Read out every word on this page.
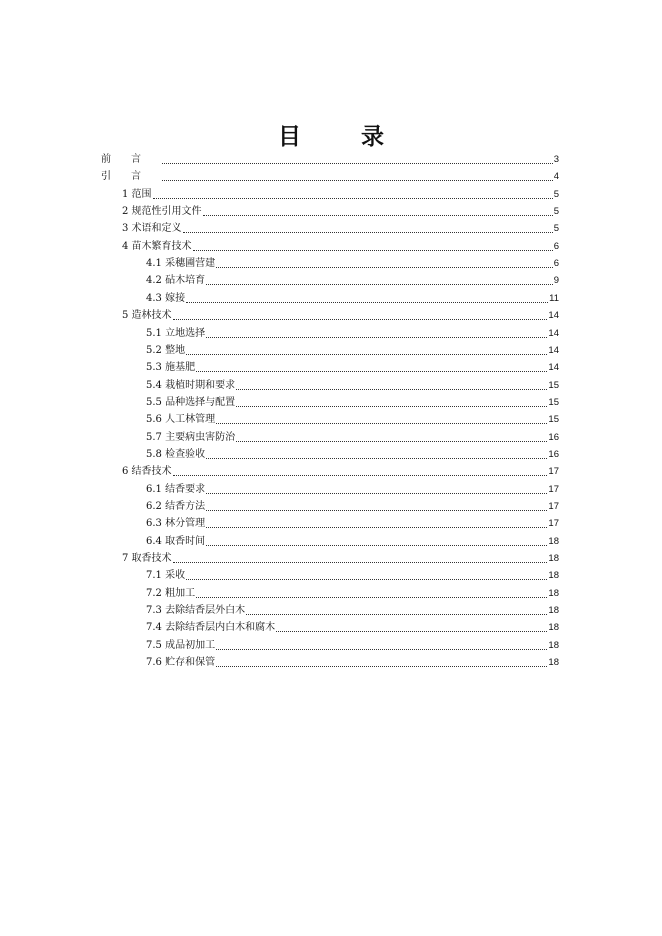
目 录
前言	3
引言	4
1 范围	5
2 规范性引用文件	5
3 术语和定义	5
4 苗木繁育技术	6
4.1 采穗圃营建	6
4.2 砧木培育	9
4.3 嫁接	11
5 造林技术	14
5.1 立地选择	14
5.2 整地	14
5.3 施基肥	14
5.4 栽植时期和要求	15
5.5 品种选择与配置	15
5.6 人工林管理	15
5.7 主要病虫害防治	16
5.8 检查验收	16
6 结香技术	17
6.1 结香要求	17
6.2 结香方法	17
6.3 林分管理	17
6.4 取香时间	18
7 取香技术	18
7.1 采收	18
7.2 粗加工	18
7.3 去除结香层外白木	18
7.4 去除结香层内白木和腐木	18
7.5 成品初加工	18
7.6 贮存和保管	18
